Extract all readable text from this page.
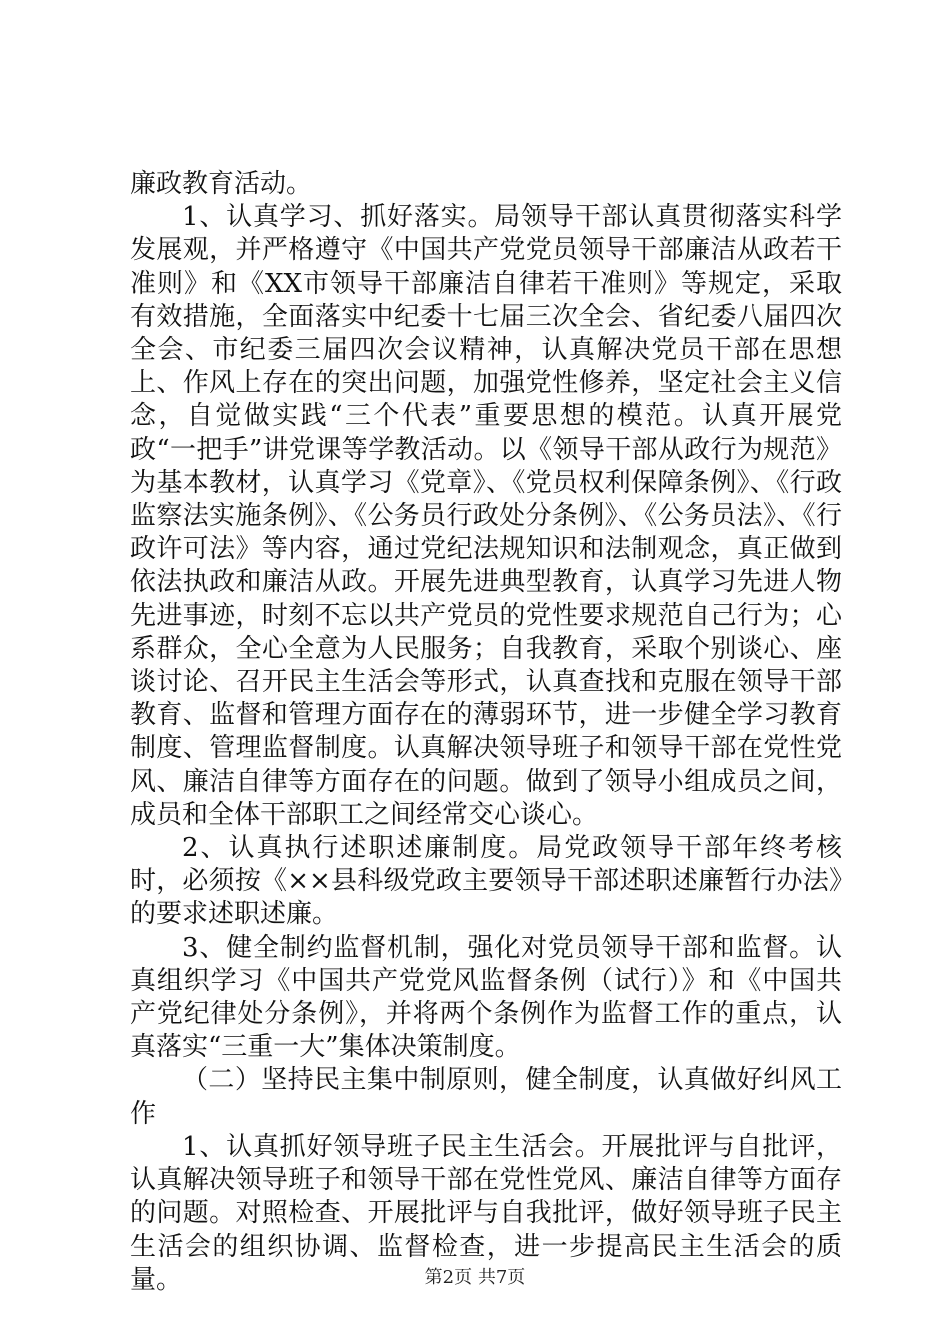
廉政教育活动。

1、认真学习、抓好落实。局领导干部认真贯彻落实科学发展观，并严格遵守《中国共产党党员领导干部廉洁从政若干准则》和《XX市领导干部廉洁自律若干准则》等规定，采取有效措施，全面落实中纪委十七届三次全会、省纪委八届四次全会、市纪委三届四次会议精神，认真解决党员干部在思想上、作风上存在的突出问题，加强党性修养，坚定社会主义信念，自觉做实践“三个代表”重要思想的模范。认真开展党政“一把手”讲党课等学教活动。以《领导干部从政行为规范》为基本教材，认真学习《党章》、《党员权利保障条例》、《行政监察法实施条例》、《公务员行政处分条例》、《公务员法》、《行政许可法》等内容，通过党纪法规知识和法制观念，真正做到依法执政和廉洁从政。开展先进典型教育，认真学习先进人物先进事迹，时刻不忘以共产党员的党性要求规范自己行为；心系群众，全心全意为人民服务；自我教育，采取个别谈心、座谈讨论、召开民主生活会等形式，认真查找和克服在领导干部教育、监督和管理方面存在的薄弱环节，进一步健全学习教育制度、管理监督制度。认真解决领导班子和领导干部在党性党风、廉洁自律等方面存在的问题。做到了领导小组成员之间，成员和全体干部职工之间经常交心谈心。

2、认真执行述职述廉制度。局党政领导干部年终考核时，必须按《××县科级党政主要领导干部述职述廉暂行办法》的要求述职述廉。

3、健全制约监督机制，强化对党员领导干部和监督。认真组织学习《中国共产党党风监督条例（试行）》和《中国共产党纪律处分条例》，并将两个条例作为监督工作的重点，认真落实“三重一大”集体决策制度。

（二）坚持民主集中制原则，健全制度，认真做好纠风工作

1、认真抓好领导班子民主生活会。开展批评与自批评，认真解决领导班子和领导干部在党性党风、廉洁自律等方面存的问题。对照检查、开展批评与自我批评，做好领导班子民主生活会的组织协调、监督检查，进一步提高民主生活会的质量。	第2页 共7页
